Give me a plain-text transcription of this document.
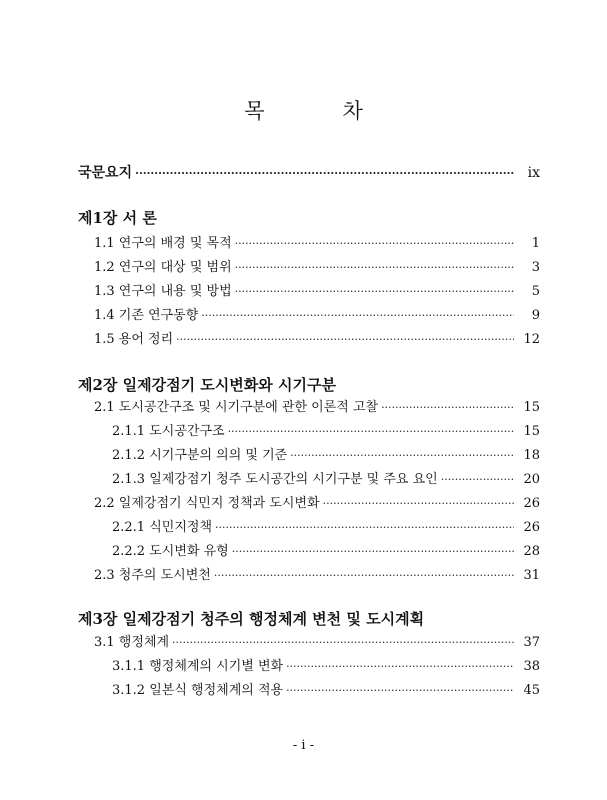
목	차
국문요지 ·····	ix
제1장 서 론
1.1 연구의 배경 및 목적 ·····	1
1.2 연구의 대상 및 범위 ·····	3
1.3 연구의 내용 및 방법 ·····	5
1.4 기존 연구동향 ·····	9
1.5 용어 정리 ·····	12
제2장 일제강점기 도시변화와 시기구분
2.1 도시공간구조 및 시기구분에 관한 이론적 고찰 ·····	15
2.1.1 도시공간구조 ·····	15
2.1.2 시기구분의 의의 및 기준 ·····	18
2.1.3 일제강점기 청주 도시공간의 시기구분 및 주요 요인 ·····	20
2.2 일제강점기 식민지 정책과 도시변화 ·····	26
2.2.1 식민지정책 ·····	26
2.2.2 도시변화 유형 ·····	28
2.3 청주의 도시변천 ·····	31
제3장 일제강점기 청주의 행정체계 변천 및 도시계획
3.1 행정체계 ·····	37
3.1.1 행정체계의 시기별 변화 ·····	38
3.1.2 일본식 행정체계의 적용 ·····	45
- i -
